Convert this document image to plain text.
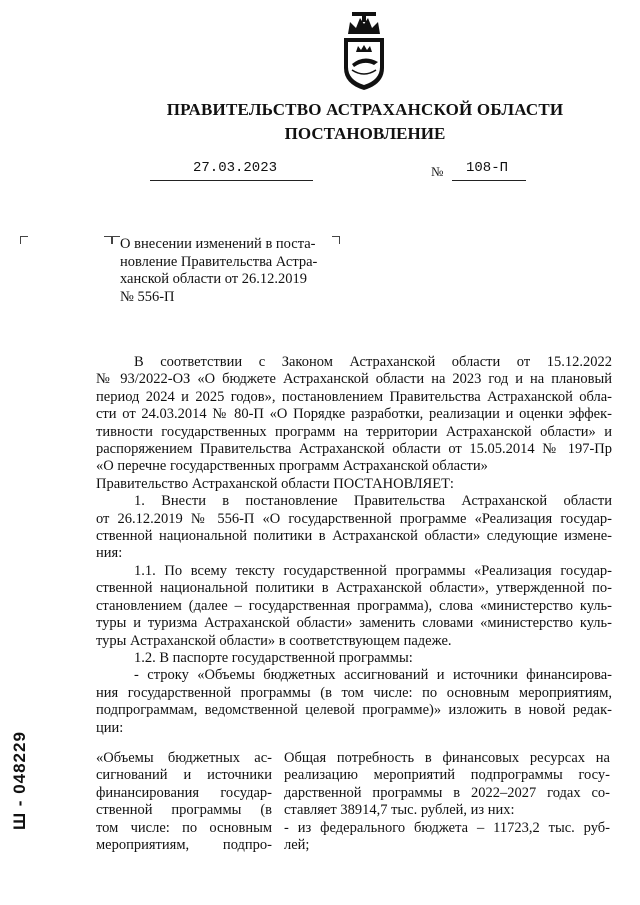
ПРАВИТЕЛЬСТВО АСТРАХАНСКОЙ ОБЛАСТИ
ПОСТАНОВЛЕНИЕ
27.03.2023	№ 108-П

О внесении изменений в поста-

новление Правительства Астра-

ханской области от 26.12.2019

№ 556-П

В соответствии с Законом Астраханской области от 15.12.2022

№ 93/2022-ОЗ «О бюджете Астраханской области на 2023 год и на плановый

период 2024 и 2025 годов», постановлением Правительства Астраханской обла-

сти от 24.03.2014 № 80-П «О Порядке разработки, реализации и оценки эффек-

тивности государственных программ на территории Астраханской области» и

распоряжением Правительства Астраханской области от 15.05.2014 № 197-Пр

«О перечне государственных программ Астраханской области»

Правительство Астраханской области ПОСТАНОВЛЯЕТ:

1. Внести в постановление Правительства Астраханской области

от 26.12.2019 № 556-П «О государственной программе «Реализация государ-

ственной национальной политики в Астраханской области» следующие измене-

ния:

1.1. По всему тексту государственной программы «Реализация государ-

ственной национальной политики в Астраханской области», утвержденной по-

становлением (далее – государственная программа), слова «министерство куль-

туры и туризма Астраханской области» заменить словами «министерство куль-

туры Астраханской области» в соответствующем падеже.

1.2. В паспорте государственной программы:

- строку «Объемы бюджетных ассигнований и источники финансирова-

ния государственной программы (в том числе: по основным мероприятиям,

подпрограммам, ведомственной целевой программе)» изложить в новой редак-

ции:

«Объемы бюджетных ас-

сигнований и источники

финансирования государ-

ственной программы (в

том числе: по основным

мероприятиям, подпро-

Общая потребность в финансовых ресурсах на

реализацию мероприятий подпрограммы госу-

дарственной программы в 2022–2027 годах со-

ставляет 38914,7 тыс. рублей, из них:

- из федерального бюджета – 11723,2 тыс. руб-

лей;

Ш - 048229
